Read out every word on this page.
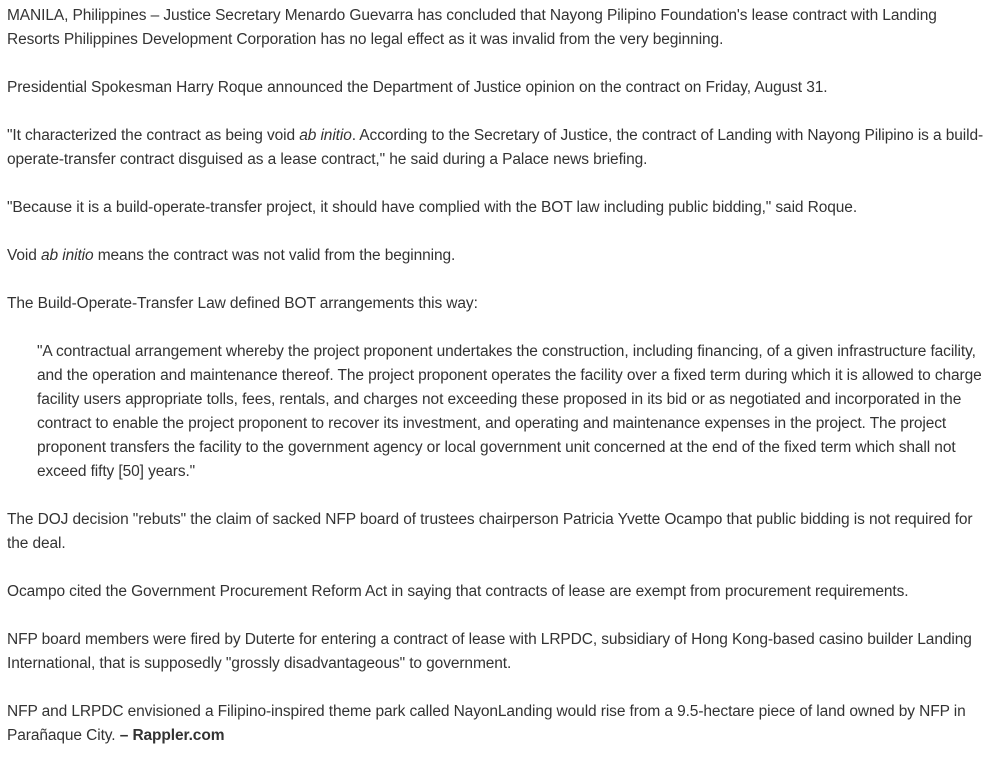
MANILA, Philippines – Justice Secretary Menardo Guevarra has concluded that Nayong Pilipino Foundation's lease contract with Landing Resorts Philippines Development Corporation has no legal effect as it was invalid from the very beginning.

Presidential Spokesman Harry Roque announced the Department of Justice opinion on the contract on Friday, August 31.

"It characterized the contract as being void ab initio. According to the Secretary of Justice, the contract of Landing with Nayong Pilipino is a build-operate-transfer contract disguised as a lease contract," he said during a Palace news briefing.

"Because it is a build-operate-transfer project, it should have complied with the BOT law including public bidding," said Roque.

Void ab initio means the contract was not valid from the beginning.

The Build-Operate-Transfer Law defined BOT arrangements this way:

"A contractual arrangement whereby the project proponent undertakes the construction, including financing, of a given infrastructure facility, and the operation and maintenance thereof. The project proponent operates the facility over a fixed term during which it is allowed to charge facility users appropriate tolls, fees, rentals, and charges not exceeding these proposed in its bid or as negotiated and incorporated in the contract to enable the project proponent to recover its investment, and operating and maintenance expenses in the project. The project proponent transfers the facility to the government agency or local government unit concerned at the end of the fixed term which shall not exceed fifty [50] years."

The DOJ decision "rebuts" the claim of sacked NFP board of trustees chairperson Patricia Yvette Ocampo that public bidding is not required for the deal.

Ocampo cited the Government Procurement Reform Act in saying that contracts of lease are exempt from procurement requirements.

NFP board members were fired by Duterte for entering a contract of lease with LRPDC, subsidiary of Hong Kong-based casino builder Landing International, that is supposedly "grossly disadvantageous" to government.

NFP and LRPDC envisioned a Filipino-inspired theme park called NayonLanding would rise from a 9.5-hectare piece of land owned by NFP in Parañaque City. – Rappler.com
